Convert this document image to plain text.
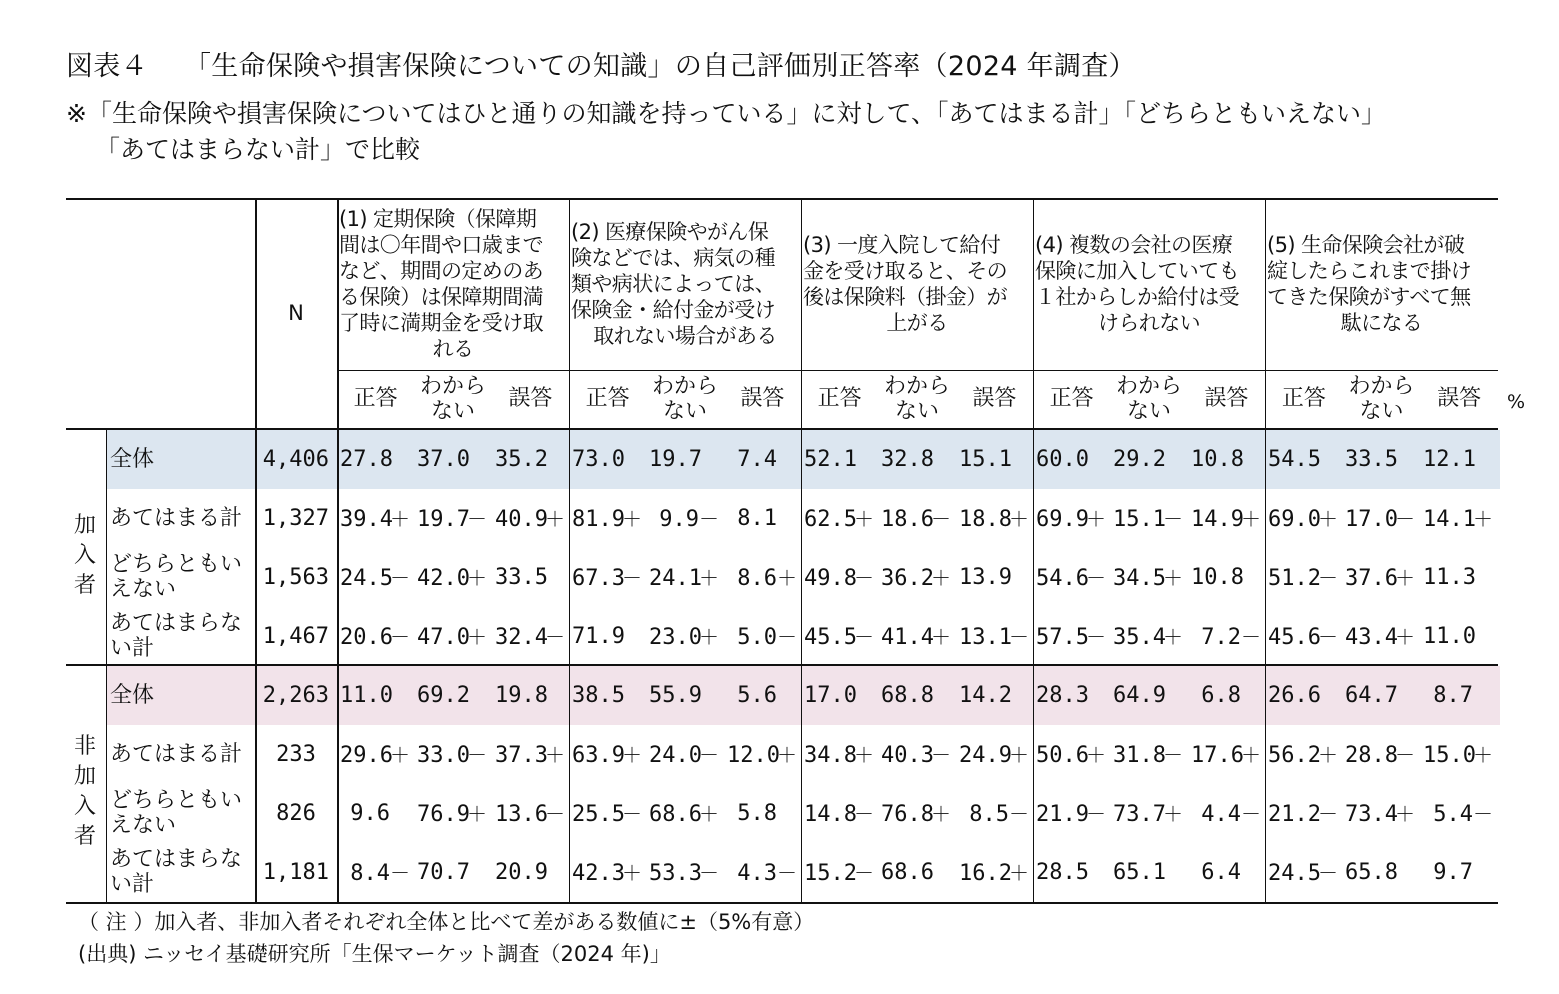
図表４ 「生命保険や損害保険についての知識」の自己評価別正答率（2024 年調査）
※「生命保険や損害保険についてはひと通りの知識を持っている」に対して、「あてはまる計」「どちらともいえない」
「あてはまらない計」で比較
N
(1) 定期保険（保障期
間は〇年間や口歳まで
など、期間の定めのあ
る保険）は保障期間満
了時に満期金を受け取
れる
正答	わから
ない
誤答
(2) 医療保険やがん保
険などでは、病気の種
類や病状によっては、
保険金・給付金が受け
取れない場合がある
正答	わから
ない
誤答
(3) 一度入院して給付
金を受け取ると、その
後は保険料（掛金）が
上がる
正答	わから
ない
誤答
(4) 複数の会社の医療
保険に加入していても
１社からしか給付は受
けられない
正答	わから
ない
誤答
(5) 生命保険会社が破
綻したらこれまで掛け
てきた保険がすべて無
駄になる
正答	わから
ない
誤答	%
加
入
者
全体	4,406 27.8	37.0	35.2	73.0	19.7	7.4	52.1	32.8	15.1	60.0	29.2	10.8	54.5	33.5	12.1
あてはまる計 1,327 39.4＋ 19.7－ 40.9＋ 81.9＋ 9.9－ 8.1	62.5＋ 18.6－ 18.8＋ 69.9＋ 15.1－ 14.9＋ 69.0＋ 17.0－ 14.1＋
どちらともい
えない	1,563 24.5－ 42.0＋ 33.5	67.3－ 24.1＋ 8.6＋ 49.8－ 36.2＋ 13.9	54.6－ 34.5＋ 10.8	51.2－ 37.6＋ 11.3
あてはまらな
い計	1,467 20.6－ 47.0＋ 32.4－ 71.9	23.0＋ 5.0－ 45.5－ 41.4＋ 13.1－ 57.5－ 35.4＋ 7.2－ 45.6－ 43.4＋ 11.0
非
加
入
者
全体	2,263 11.0	69.2	19.8	38.5	55.9	5.6	17.0	68.8	14.2	28.3	64.9	6.8	26.6	64.7	8.7
あてはまる計	233	29.6＋ 33.0－ 37.3＋ 63.9＋ 24.0－ 12.0＋ 34.8＋ 40.3－ 24.9＋ 50.6＋ 31.8－ 17.6＋ 56.2＋ 28.8－ 15.0＋
どちらともい
えない	826	9.6	76.9＋ 13.6－ 25.5－ 68.6＋ 5.8	14.8－ 76.8＋ 8.5－ 21.9－ 73.7＋ 4.4－ 21.2－ 73.4＋ 5.4－
あてはまらな
い計	1,181 8.4－ 70.7	20.9	42.3＋ 53.3－ 4.3－ 15.2－ 68.6	16.2＋ 28.5	65.1	6.4	24.5－ 65.8	9.7
（ 注 ）加入者、非加入者それぞれ全体と比べて差がある数値に±（5%有意）
(出典) ニッセイ基礎研究所「生保マーケット調査（2024 年)」
